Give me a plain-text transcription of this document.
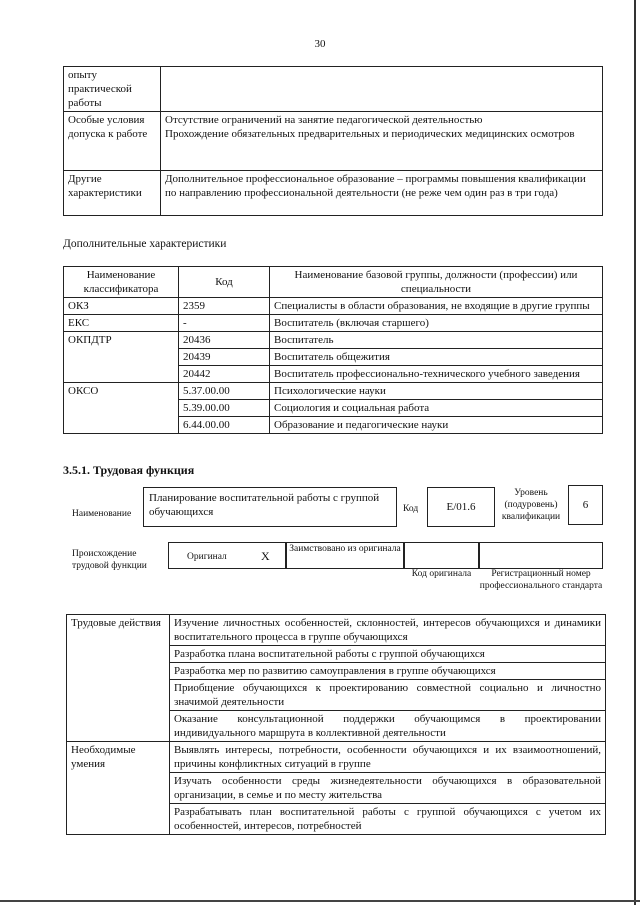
30
опыту практической работы	
Особые условия допуска к работе	Отсутствие ограничений на занятие педагогической деятельностью
Прохождение обязательных предварительных и периодических медицинских осмотров

Другие характеристики	Дополнительное профессиональное образование – программы повышения квалификации по направлению профессиональной деятельности (не реже чем один раз в три года)
Дополнительные характеристики
Наименование классификатора	Код	Наименование базовой группы, должности (профессии) или специальности
ОКЗ	2359	Специалисты в области образования, не входящие в другие группы
ЕКС	-	Воспитатель (включая старшего)
ОКПДТР	20436	Воспитатель
	20439	Воспитатель общежития
	20442	Воспитатель профессионально-технического учебного заведения
ОКСО	5.37.00.00	Психологические науки
	5.39.00.00	Социология и социальная работа
	6.44.00.00	Образование и педагогические науки
3.5.1. Трудовая функция
Наименование
Планирование воспитательной работы с группой обучающихся	Код	E/01.6
Уровень (подуровень) квалификации
6
Происхождение трудовой функции
Оригинал	X Заимствовано из оригинала
Код оригинала	Регистрационный номер профессионального стандарта
Трудовые действия	Изучение личностных особенностей, склонностей, интересов обучающихся и динамики воспитательного процесса в группе обучающихся
	Разработка плана воспитательной работы с группой обучающихся
	Разработка мер по развитию самоуправления в группе обучающихся
	Приобщение обучающихся к проектированию совместной социально и личностно значимой деятельности
	Оказание консультационной поддержки обучающимся в проектировании индивидуального маршрута в коллективной деятельности
Необходимые умения	Выявлять интересы, потребности, особенности обучающихся и их взаимоотношений, причины конфликтных ситуаций в группе
	Изучать особенности среды жизнедеятельности обучающихся в образовательной организации, в семье и по месту жительства
	Разрабатывать план воспитательной работы с группой обучающихся с учетом их особенностей, интересов, потребностей
